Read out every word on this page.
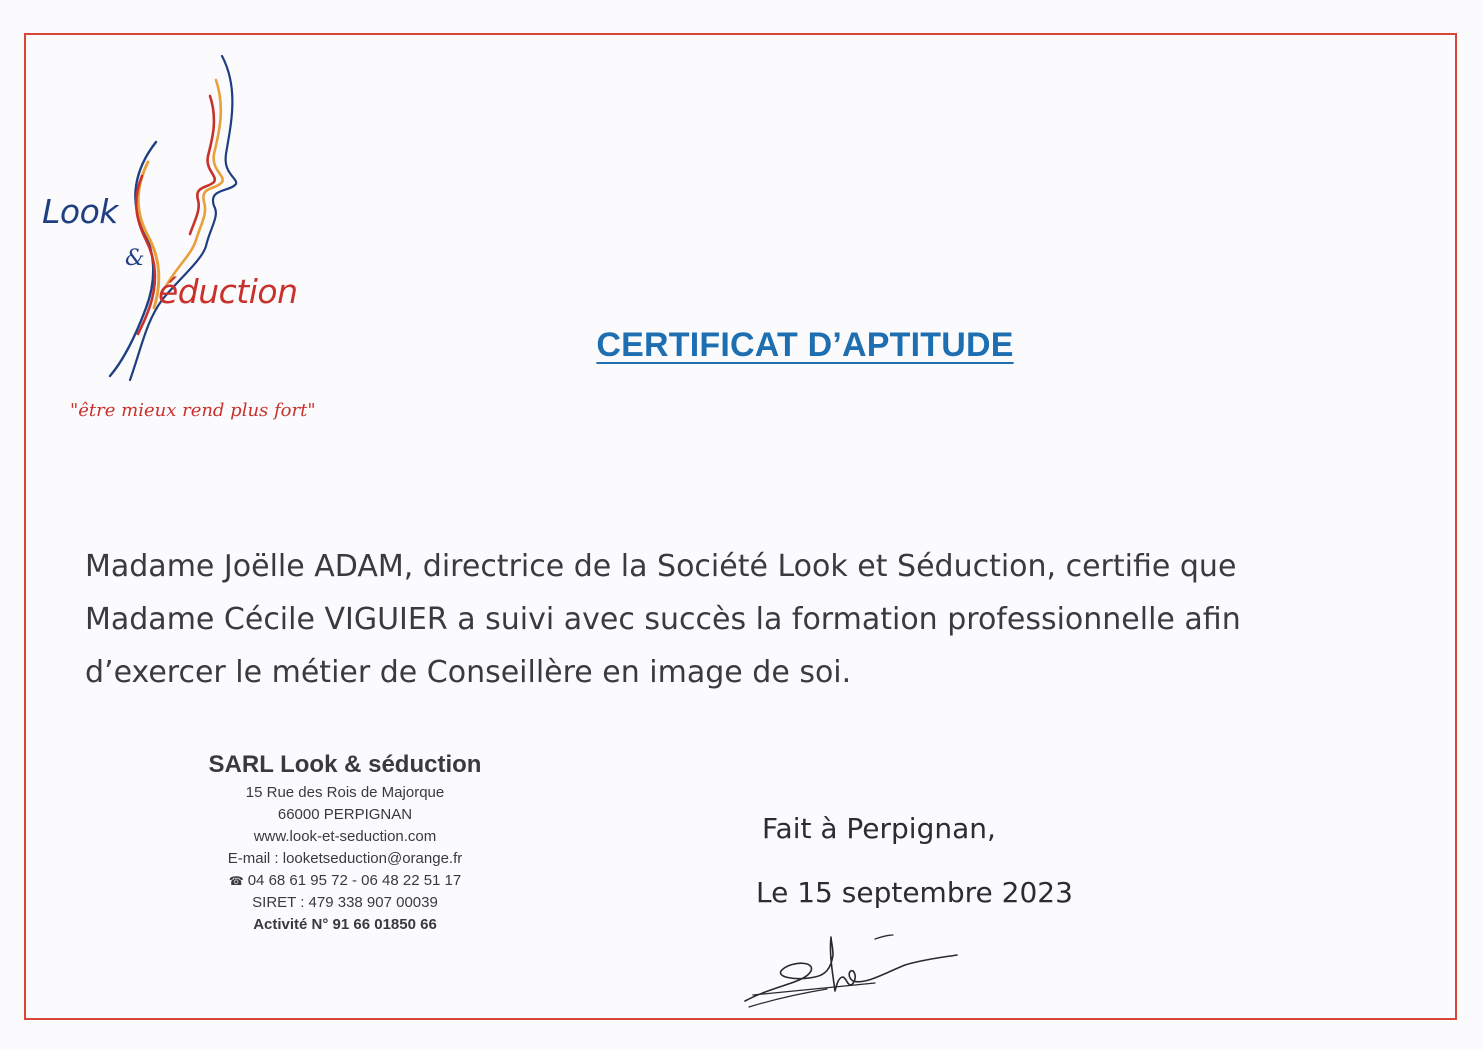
Look
&
éduction
"être mieux rend plus fort"
CERTIFICAT D’APTITUDE

Madame Joëlle ADAM, directrice de la Société Look et Séduction, certifie que
Madame Cécile VIGUIER a suivi avec succès la formation professionnelle afin
d’exercer le métier de Conseillère en image de soi.

SARL Look & séduction
15 Rue des Rois de Majorque
66000 PERPIGNAN
www.look-et-seduction.com
E-mail : looketseduction@orange.fr
☎ 04 68 61 95 72 - 06 48 22 51 17
SIRET : 479 338 907 00039
Activité N° 91 66 01850 66
Fait à Perpignan,
Le 15 septembre 2023
